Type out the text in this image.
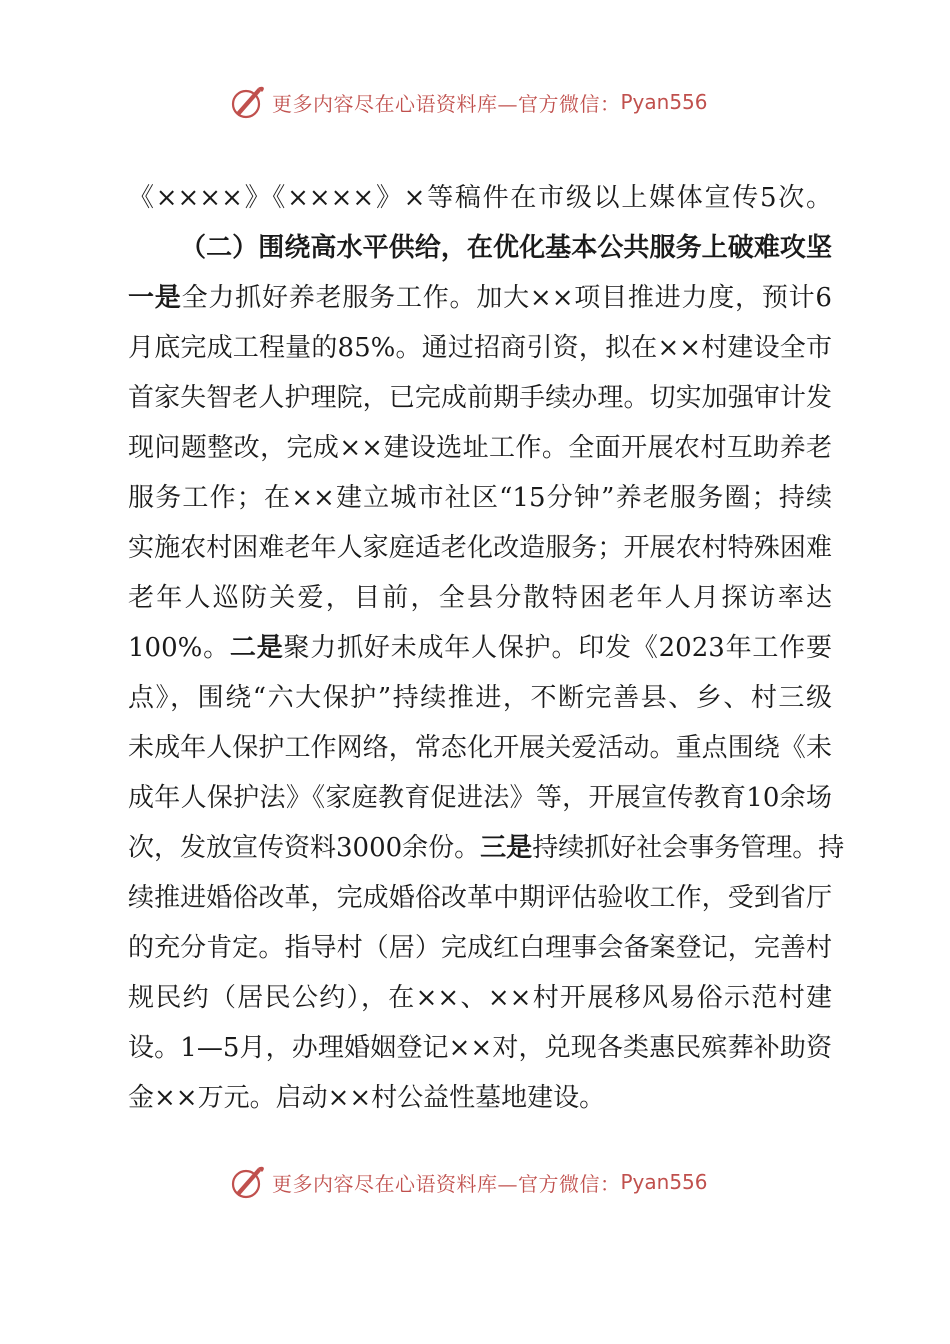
更多内容尽在心语资料库—官方微信： Pyan556
《××××》《××××》×等稿件在市级以上媒体宣传5次。
（二）围绕高水平供给，在优化基本公共服务上破难攻坚
一是全力抓好养老服务工作。加大××项目推进力度，预计6
月底完成工程量的85%。通过招商引资，拟在××村建设全市
首家失智老人护理院，已完成前期手续办理。切实加强审计发
现问题整改，完成××建设选址工作。全面开展农村互助养老
服务工作；在××建立城市社区“15分钟”养老服务圈；持续
实施农村困难老年人家庭适老化改造服务；开展农村特殊困难
老年人巡防关爱，目前，全县分散特困老年人月探访率达
100%。二是聚力抓好未成年人保护。印发《2023年工作要
点》，围绕“六大保护”持续推进，不断完善县、乡、村三级
未成年人保护工作网络，常态化开展关爱活动。重点围绕《未
成年人保护法》《家庭教育促进法》等，开展宣传教育10余场
次，发放宣传资料3000余份。三是持续抓好社会事务管理。持
续推进婚俗改革，完成婚俗改革中期评估验收工作，受到省厅
的充分肯定。指导村（居）完成红白理事会备案登记，完善村
规民约（居民公约），在××、××村开展移风易俗示范村建
设。1—5月，办理婚姻登记××对，兑现各类惠民殡葬补助资
金××万元。启动××村公益性墓地建设。
更多内容尽在心语资料库—官方微信： Pyan556
